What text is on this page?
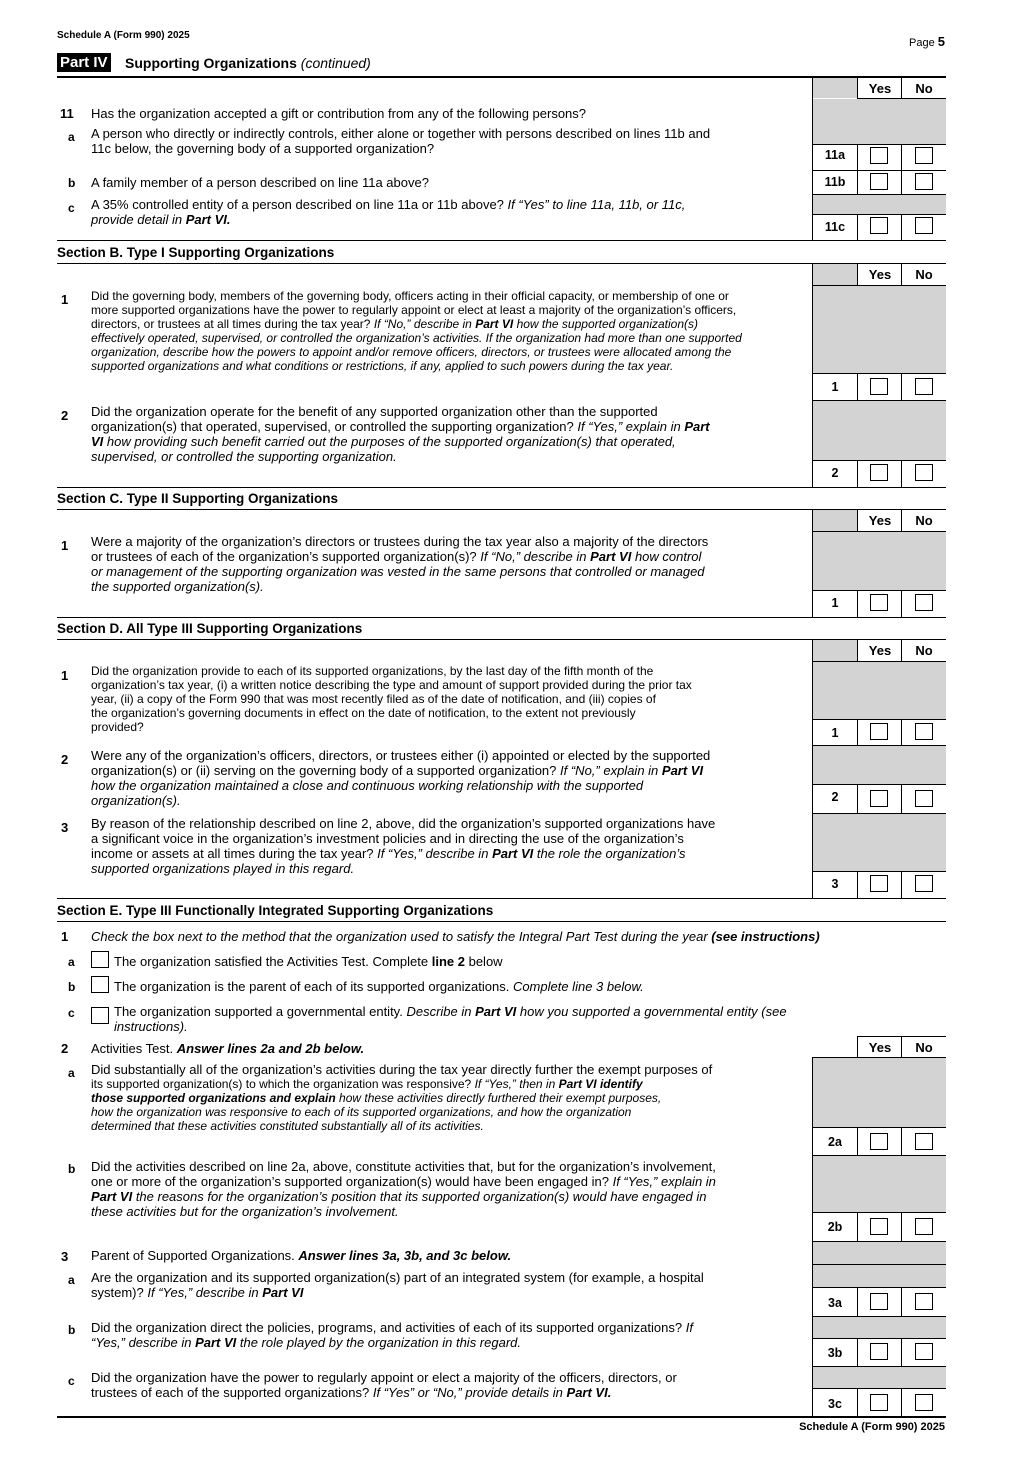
Schedule A (Form 990) 2025
Page 5
Part IV Supporting Organizations (continued)
Yes	No
11 Has the organization accepted a gift or contribution from any of the following persons?
a A person who directly or indirectly controls, either alone or together with persons described on lines 11b and
11c below, the governing body of a supported organization?	11a
b A family member of a person described on line 11a above?	11b
c A 35% controlled entity of a person described on line 11a or 11b above? If “Yes” to line 11a, 11b, or 11c,
provide detail in Part VI.	11c
Section B. Type I Supporting Organizations
Yes	No
1 Did the governing body, members of the governing body, officers acting in their official capacity, or membership of one or
more supported organizations have the power to regularly appoint or elect at least a majority of the organization’s officers,
directors, or trustees at all times during the tax year? If “No,” describe in Part VI how the supported organization(s)
effectively operated, supervised, or controlled the organization’s activities. If the organization had more than one supported
organization, describe how the powers to appoint and/or remove officers, directors, or trustees were allocated among the
supported organizations and what conditions or restrictions, if any, applied to such powers during the tax year.
1
2 Did the organization operate for the benefit of any supported organization other than the supported
organization(s) that operated, supervised, or controlled the supporting organization? If “Yes,” explain in Part
VI how providing such benefit carried out the purposes of the supported organization(s) that operated,
supervised, or controlled the supporting organization.
2
Section C. Type II Supporting Organizations
Yes	No
1 Were a majority of the organization’s directors or trustees during the tax year also a majority of the directors
or trustees of each of the organization’s supported organization(s)? If “No,” describe in Part VI how control
or management of the supporting organization was vested in the same persons that controlled or managed
the supported organization(s).
1
Section D. All Type III Supporting Organizations
Yes	No
1 Did the organization provide to each of its supported organizations, by the last day of the fifth month of the
organization’s tax year, (i) a written notice describing the type and amount of support provided during the prior tax
year, (ii) a copy of the Form 990 that was most recently filed as of the date of notification, and (iii) copies of
the organization’s governing documents in effect on the date of notification, to the extent not previously
provided?	1
2 Were any of the organization’s officers, directors, or trustees either (i) appointed or elected by the supported
organization(s) or (ii) serving on the governing body of a supported organization? If “No,” explain in Part VI
how the organization maintained a close and continuous working relationship with the supported
organization(s).	2
3 By reason of the relationship described on line 2, above, did the organization’s supported organizations have
a significant voice in the organization’s investment policies and in directing the use of the organization’s
income or assets at all times during the tax year? If “Yes,” describe in Part VI the role the organization’s
supported organizations played in this regard.
3
Section E. Type III Functionally Integrated Supporting Organizations
1 Check the box next to the method that the organization used to satisfy the Integral Part Test during the year (see instructions)
a	The organization satisfied the Activities Test. Complete line 2 below
b	The organization is the parent of each of its supported organizations. Complete line 3 below.
c	The organization supported a governmental entity. Describe in Part VI how you supported a governmental entity (see
instructions).
Yes	No
2 Activities Test. Answer lines 2a and 2b below.
a Did substantially all of the organization’s activities during the tax year directly further the exempt purposes of
its supported organization(s) to which the organization was responsive? If “Yes,” then in Part VI identify
those supported organizations and explain how these activities directly furthered their exempt purposes,
how the organization was responsive to each of its supported organizations, and how the organization
determined that these activities constituted substantially all of its activities.
2a
b Did the activities described on line 2a, above, constitute activities that, but for the organization’s involvement,
one or more of the organization’s supported organization(s) would have been engaged in? If “Yes,” explain in
Part VI the reasons for the organization’s position that its supported organization(s) would have engaged in
these activities but for the organization’s involvement.
2b
3 Parent of Supported Organizations. Answer lines 3a, 3b, and 3c below.
a Are the organization and its supported organization(s) part of an integrated system (for example, a hospital
system)? If “Yes,” describe in Part VI
3a
b Did the organization direct the policies, programs, and activities of each of its supported organizations? If
“Yes,” describe in Part VI the role played by the organization in this regard.
3b
c Did the organization have the power to regularly appoint or elect a majority of the officers, directors, or
trustees of each of the supported organizations? If “Yes” or “No,” provide details in Part VI.
3c
Schedule A (Form 990) 2025
